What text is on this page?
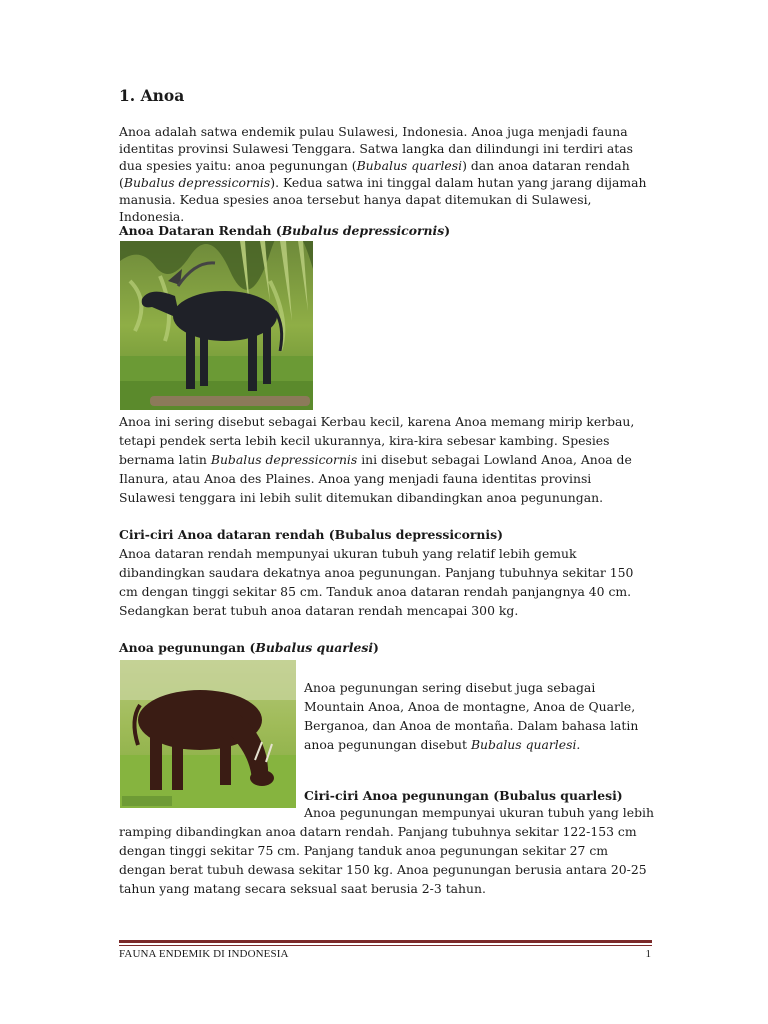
1. Anoa

Anoa adalah satwa endemik pulau Sulawesi, Indonesia. Anoa juga menjadi fauna identitas provinsi Sulawesi Tenggara. Satwa langka dan dilindungi ini terdiri atas dua spesies yaitu: anoa pegunungan (Bubalus quarlesi) dan anoa dataran rendah (Bubalus depressicornis). Kedua satwa ini tinggal dalam hutan yang jarang dijamah manusia. Kedua spesies anoa tersebut hanya dapat ditemukan di Sulawesi, Indonesia.

Anoa Dataran Rendah (Bubalus depressicornis)

Anoa ini sering disebut sebagai Kerbau kecil, karena Anoa memang mirip kerbau, tetapi pendek serta lebih kecil ukurannya, kira-kira sebesar kambing. Spesies bernama latin Bubalus depressicornis ini disebut sebagai Lowland Anoa, Anoa de Ilanura, atau Anoa des Plaines. Anoa yang menjadi fauna identitas provinsi Sulawesi tenggara ini lebih sulit ditemukan dibandingkan anoa pegunungan.

Ciri-ciri Anoa dataran rendah (Bubalus depressicornis)

Anoa dataran rendah mempunyai ukuran tubuh yang relatif lebih gemuk dibandingkan saudara dekatnya anoa pegunungan. Panjang tubuhnya sekitar 150 cm dengan tinggi sekitar 85 cm. Tanduk anoa dataran rendah panjangnya 40 cm. Sedangkan berat tubuh anoa dataran rendah mencapai 300 kg.

Anoa pegunungan (Bubalus quarlesi)

Anoa pegunungan sering disebut juga sebagai Mountain Anoa, Anoa de montagne, Anoa de Quarle, Berganoa, dan Anoa de montaña. Dalam bahasa latin anoa pegunungan disebut Bubalus quarlesi.

Ciri-ciri Anoa pegunungan (Bubalus quarlesi)

Anoa pegunungan mempunyai ukuran tubuh yang lebih

ramping dibandingkan anoa datarn rendah. Panjang tubuhnya sekitar 122-153 cm dengan tinggi sekitar 75 cm. Panjang tanduk anoa pegunungan sekitar 27 cm dengan berat tubuh dewasa sekitar 150 kg. Anoa pegunungan berusia antara 20-25 tahun yang matang secara seksual saat berusia 2-3 tahun.

FAUNA ENDEMIK DI INDONESIA	1
